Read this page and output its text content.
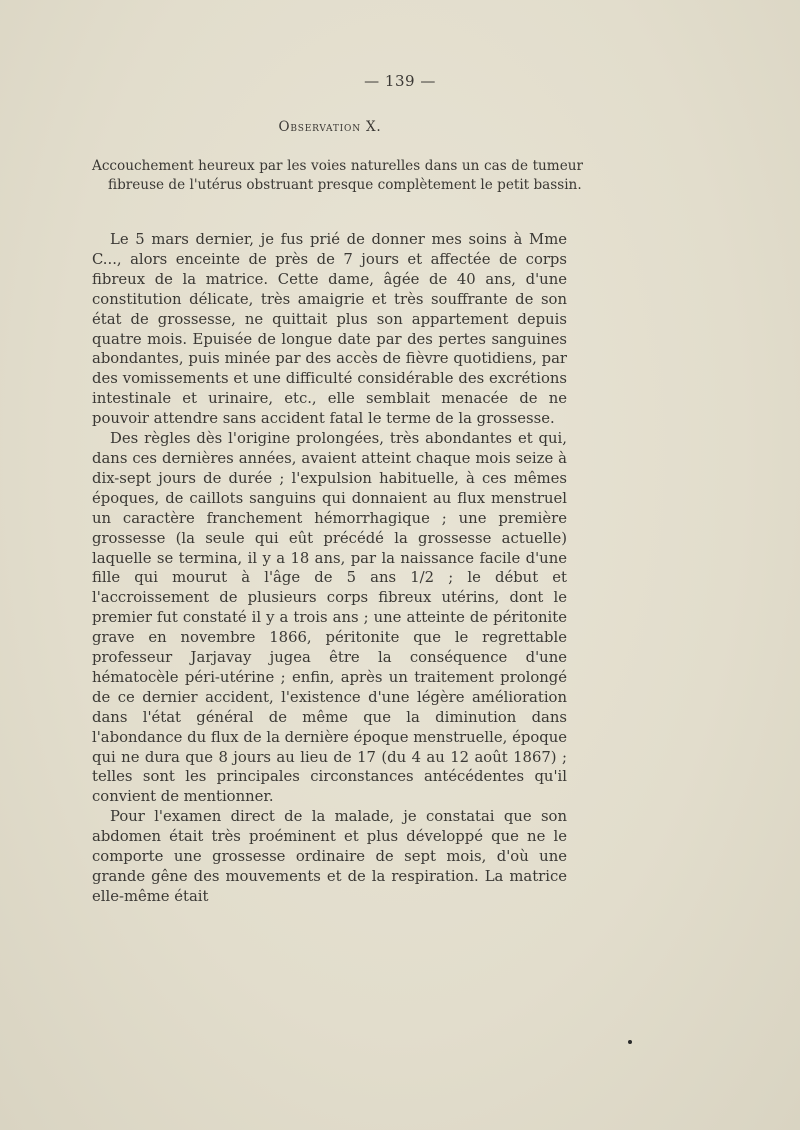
— 139 —
Observation X.
Accouchement heureux par les voies naturelles dans un cas de tumeur fibreuse de l'utérus obstruant presque complètement le petit bassin.

Le 5 mars dernier, je fus prié de donner mes soins à Mme C..., alors enceinte de près de 7 jours et affectée de corps fibreux de la matrice. Cette dame, âgée de 40 ans, d'une constitution délicate, très amaigrie et très souffrante de son état de grossesse, ne quittait plus son appartement depuis quatre mois. Epuisée de longue date par des pertes sanguines abondantes, puis minée par des accès de fièvre quotidiens, par des vomissements et une difficulté considérable des excrétions intestinale et urinaire, etc., elle semblait menacée de ne pouvoir attendre sans accident fatal le terme de la grossesse.

Des règles dès l'origine prolongées, très abondantes et qui, dans ces dernières années, avaient atteint chaque mois seize à dix-sept jours de durée ; l'expulsion habituelle, à ces mêmes époques, de caillots sanguins qui donnaient au flux menstruel un caractère franchement hémorrhagique ; une première grossesse (la seule qui eût précédé la grossesse actuelle) laquelle se termina, il y a 18 ans, par la naissance facile d'une fille qui mourut à l'âge de 5 ans 1/2 ; le début et l'accroissement de plusieurs corps fibreux utérins, dont le premier fut constaté il y a trois ans ; une atteinte de péritonite grave en novembre 1866, péritonite que le regrettable professeur Jarjavay jugea être la conséquence d'une hématocèle péri-utérine ; enfin, après un traitement prolongé de ce dernier accident, l'existence d'une légère amélioration dans l'état général de même que la diminution dans l'abondance du flux de la dernière époque menstruelle, époque qui ne dura que 8 jours au lieu de 17 (du 4 au 12 août 1867) ; telles sont les principales circonstances antécédentes qu'il convient de mentionner.

Pour l'examen direct de la malade, je constatai que son abdomen était très proéminent et plus développé que ne le comporte une grossesse ordinaire de sept mois, d'où une grande gêne des mouvements et de la respiration. La matrice elle-même était
